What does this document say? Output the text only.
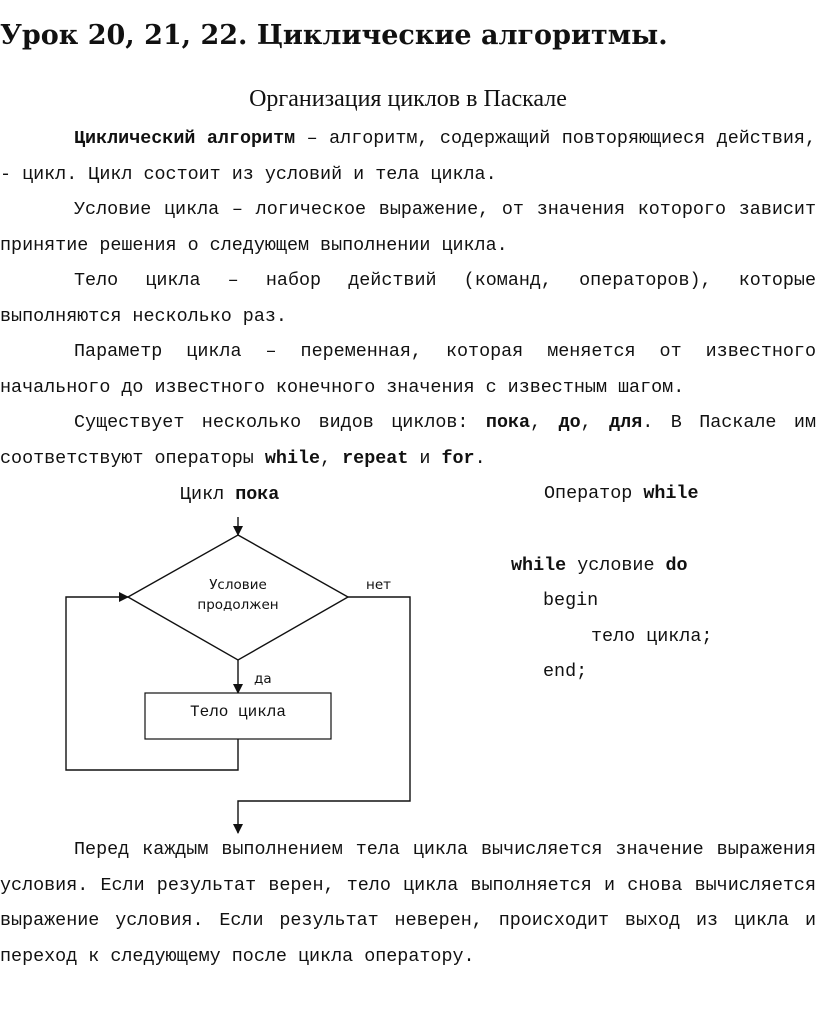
Урок 20, 21, 22. Циклические алгоритмы.
Организация циклов в Паскале

Циклический алгоритм – алгоритм, содержащий повторяющиеся действия, - цикл. Цикл состоит из условий и тела цикла.

Условие цикла – логическое выражение, от значения которого зависит принятие решения о следующем выполнении цикла.

Тело цикла – набор действий (команд, операторов), которые выполняются несколько раз.

Параметр цикла – переменная, которая меняется от известного начального до известного конечного значения с известным шагом.

Существует несколько видов циклов: пока, до, для. В Паскале им соответствуют операторы while, repeat и for.

Цикл пока
Условие
продолжен
да
Тело цикла
нет
Оператор while
while условие do
begin
тело цикла;
end;

Перед каждым выполнением тела цикла вычисляется значение выражения условия. Если результат верен, тело цикла выполняется и снова вычисляется выражение условия. Если результат неверен, происходит выход из цикла и переход к следующему после цикла оператору.
